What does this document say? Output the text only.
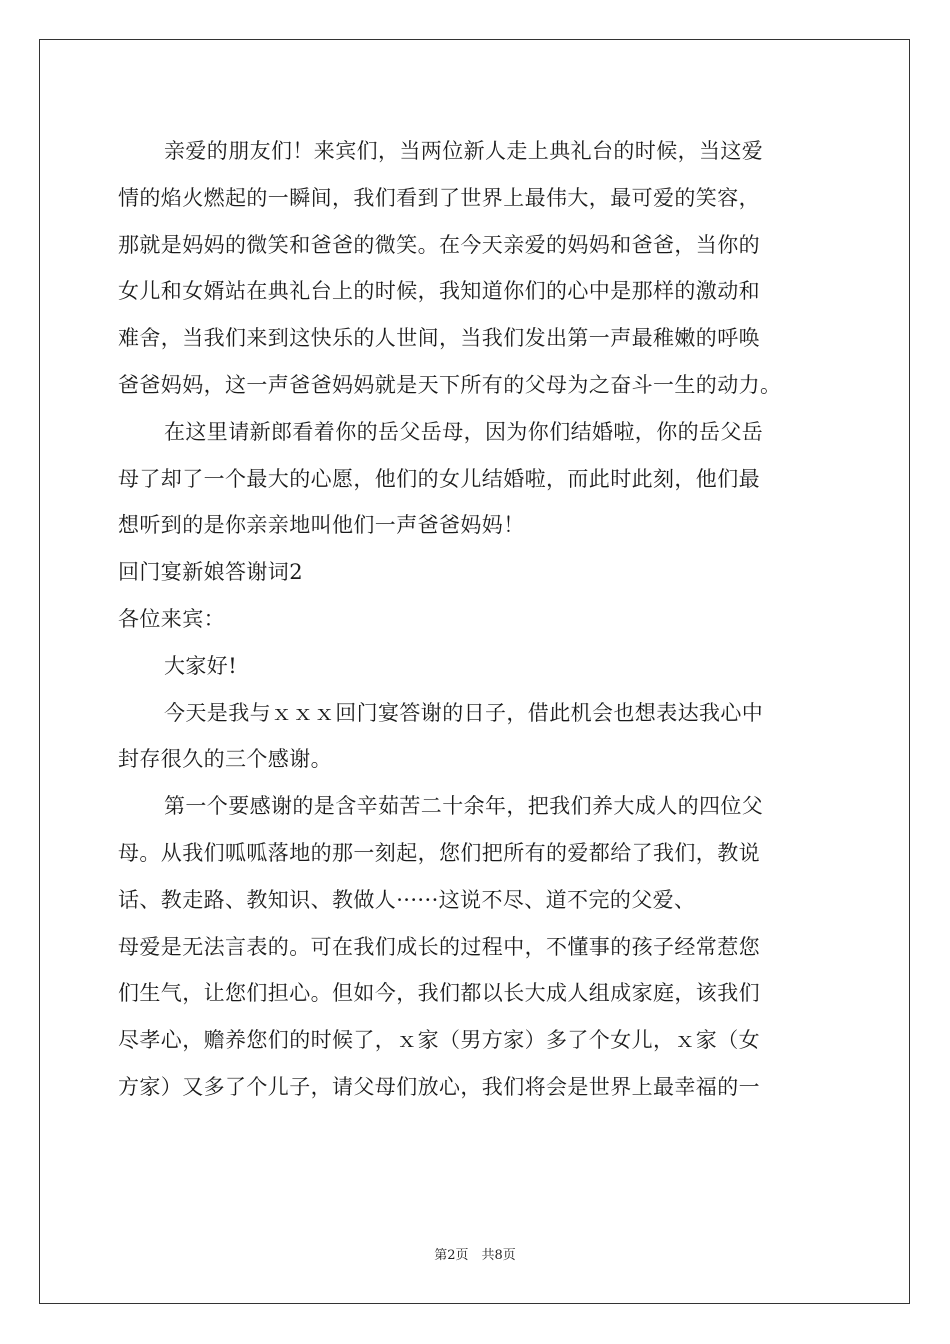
亲爱的朋友们！来宾们，当两位新人走上典礼台的时候，当这爱
情的焰火燃起的一瞬间，我们看到了世界上最伟大，最可爱的笑容，
那就是妈妈的微笑和爸爸的微笑。在今天亲爱的妈妈和爸爸，当你的
女儿和女婿站在典礼台上的时候，我知道你们的心中是那样的激动和
难舍，当我们来到这快乐的人世间，当我们发出第一声最稚嫩的呼唤
爸爸妈妈，这一声爸爸妈妈就是天下所有的父母为之奋斗一生的动力。
在这里请新郎看着你的岳父岳母，因为你们结婚啦，你的岳父岳
母了却了一个最大的心愿，他们的女儿结婚啦，而此时此刻，他们最
想听到的是你亲亲地叫他们一声爸爸妈妈！
回门宴新娘答谢词2
各位来宾：
大家好!
今天是我与ｘｘｘ回门宴答谢的日子，借此机会也想表达我心中
封存很久的三个感谢。
第一个要感谢的是含辛茹苦二十余年，把我们养大成人的四位父
母。从我们呱呱落地的那一刻起，您们把所有的爱都给了我们，教说
话、教走路、教知识、教做人······这说不尽、道不完的父爱、
母爱是无法言表的。可在我们成长的过程中，不懂事的孩子经常惹您
们生气，让您们担心。但如今，我们都以长大成人组成家庭，该我们
尽孝心，赡养您们的时候了，ｘ家（男方家）多了个女儿，ｘ家（女
方家）又多了个儿子，请父母们放心，我们将会是世界上最幸福的一
第2页　共8页
